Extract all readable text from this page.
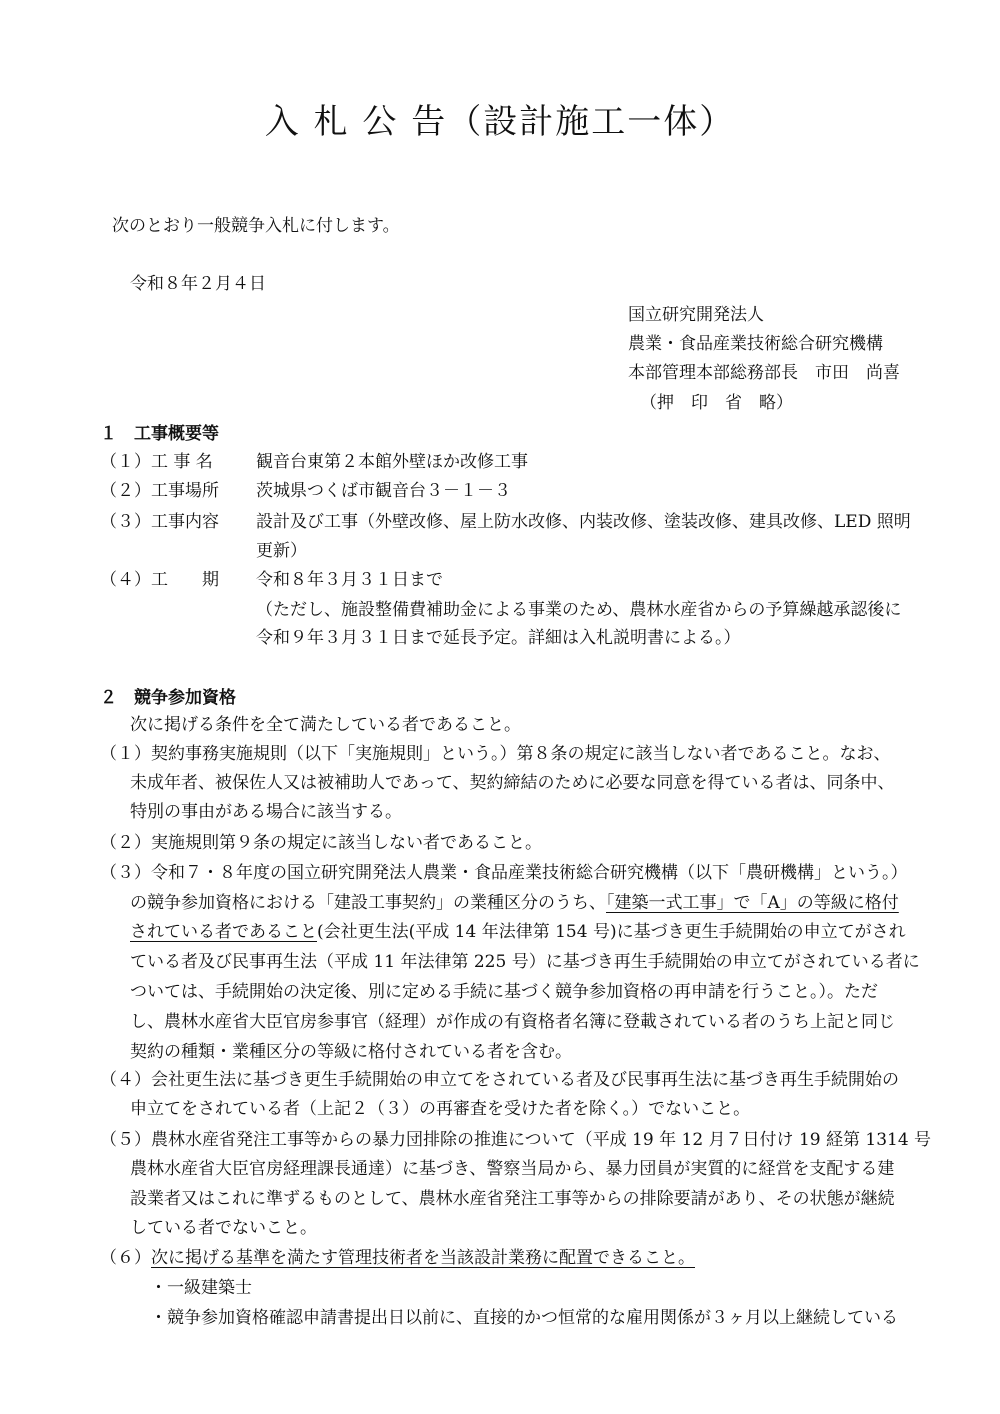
入 札 公 告（設計施工一体）
次のとおり一般競争入札に付します。
令和８年２月４日
国立研究開発法人
農業・食品産業技術総合研究機構
本部管理本部総務部長　市田　尚喜
（押　印　省　略）
１　工事概要等
（１）工 事 名	観音台東第２本館外壁ほか改修工事
（２）工事場所 茨城県つくば市観音台３－１－３
（３）工事内容 設計及び工事（外壁改修、屋上防水改修、内装改修、塗装改修、建具改修、LED 照明
更新）
（４）工　　期 令和８年３月３１日まで
（ただし、施設整備費補助金による事業のため、農林水産省からの予算繰越承認後に
令和９年３月３１日まで延長予定。詳細は入札説明書による。）
２　競争参加資格
次に掲げる条件を全て満たしている者であること。
（１）契約事務実施規則（以下「実施規則」という。）第８条の規定に該当しない者であること。なお、
未成年者、被保佐人又は被補助人であって、契約締結のために必要な同意を得ている者は、同条中、
特別の事由がある場合に該当する。
（２）実施規則第９条の規定に該当しない者であること。
（３）令和７・８年度の国立研究開発法人農業・食品産業技術総合研究機構（以下「農研機構」という。）
の競争参加資格における「建設工事契約」の業種区分のうち、「建築一式工事」で「A」の等級に格付
されている者であること(会社更生法(平成 14 年法律第 154 号)に基づき更生手続開始の申立てがされ
ている者及び民事再生法（平成 11 年法律第 225 号）に基づき再生手続開始の申立てがされている者に
ついては、手続開始の決定後、別に定める手続に基づく競争参加資格の再申請を行うこと。）。ただ
し、農林水産省大臣官房参事官（経理）が作成の有資格者名簿に登載されている者のうち上記と同じ
契約の種類・業種区分の等級に格付されている者を含む。
（４）会社更生法に基づき更生手続開始の申立てをされている者及び民事再生法に基づき再生手続開始の
申立てをされている者（上記２（３）の再審査を受けた者を除く。）でないこと。
（５）農林水産省発注工事等からの暴力団排除の推進について（平成 19 年 12 月７日付け 19 経第 1314 号
農林水産省大臣官房経理課長通達）に基づき、警察当局から、暴力団員が実質的に経営を支配する建
設業者又はこれに準ずるものとして、農林水産省発注工事等からの排除要請があり、その状態が継続
している者でないこと。
（６）次に掲げる基準を満たす管理技術者を当該設計業務に配置できること。
・一級建築士
・競争参加資格確認申請書提出日以前に、直接的かつ恒常的な雇用関係が３ヶ月以上継続している
